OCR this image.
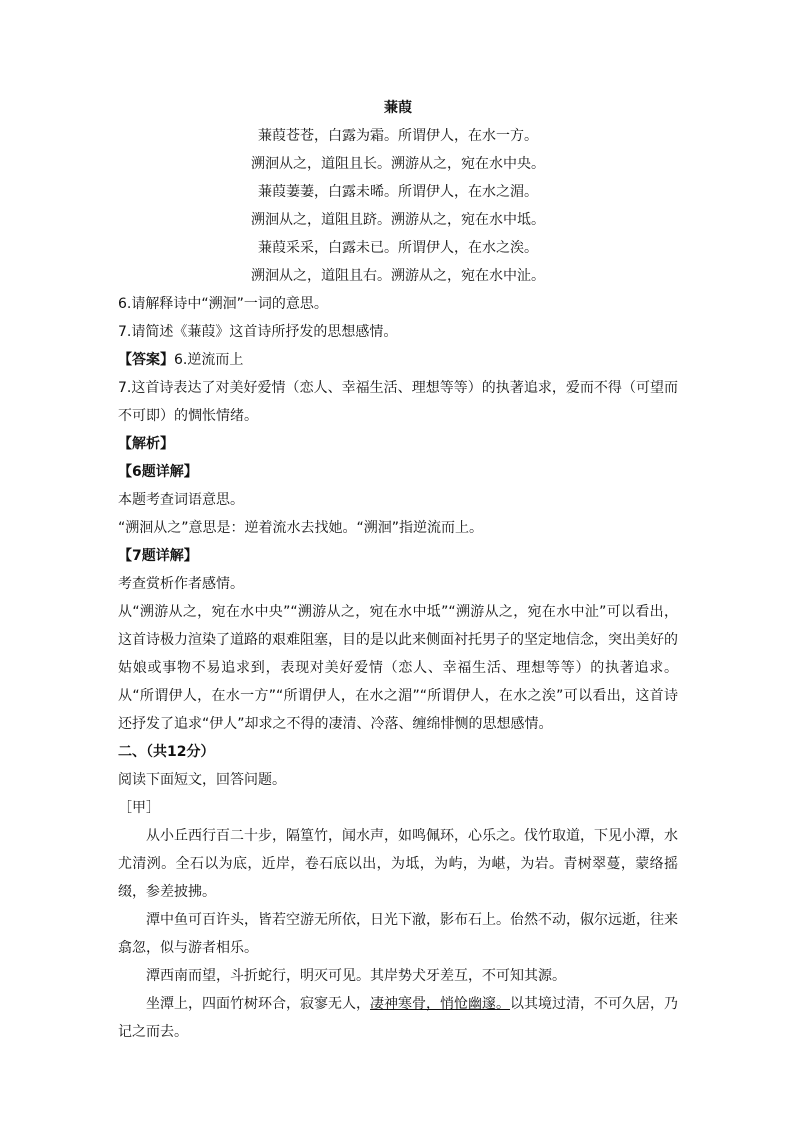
蒹葭
蒹葭苍苍，白露为霜。所谓伊人，在水一方。
溯洄从之，道阻且长。溯游从之，宛在水中央。
蒹葭萋萋，白露未晞。所谓伊人，在水之湄。
溯洄从之，道阻且跻。溯游从之，宛在水中坻。
蒹葭采采，白露未已。所谓伊人，在水之涘。
溯洄从之，道阻且右。溯游从之，宛在水中沚。
6.请解释诗中“溯洄”一词的意思。
7.请简述《蒹葭》这首诗所抒发的思想感情。
【答案】6.逆流而上
7.这首诗表达了对美好爱情（恋人、幸福生活、理想等等）的执著追求，爱而不得（可望而不可即）的惆怅情绪。
【解析】
【6题详解】
本题考查词语意思。
“溯洄从之”意思是：逆着流水去找她。“溯洄”指逆流而上。
【7题详解】
考查赏析作者感情。
从“溯游从之，宛在水中央”“溯游从之，宛在水中坻”“溯游从之，宛在水中沚”可以看出，这首诗极力渲染了道路的艰难阻塞，目的是以此来侧面衬托男子的坚定地信念，突出美好的姑娘或事物不易追求到，表现对美好爱情（恋人、幸福生活、理想等等）的执著追求。从“所谓伊人，在水一方”“所谓伊人，在水之湄”“所谓伊人，在水之涘”可以看出，这首诗还抒发了追求“伊人”却求之不得的凄清、冷落、缠绵悱恻的思想感情。
二、（共12分）
阅读下面短文，回答问题。
［甲］
从小丘西行百二十步，隔篁竹，闻水声，如鸣佩环，心乐之。伐竹取道，下见小潭，水尤清洌。全石以为底，近岸，卷石底以出，为坻，为屿，为嵁，为岩。青树翠蔓，蒙络摇缀，参差披拂。
潭中鱼可百许头，皆若空游无所依，日光下澈，影布石上。佁然不动，俶尔远逝，往来翕忽，似与游者相乐。
潭西南而望，斗折蛇行，明灭可见。其岸势犬牙差互，不可知其源。
坐潭上，四面竹树环合，寂寥无人，凄神寒骨，悄怆幽邃。以其境过清，不可久居，乃记之而去。
